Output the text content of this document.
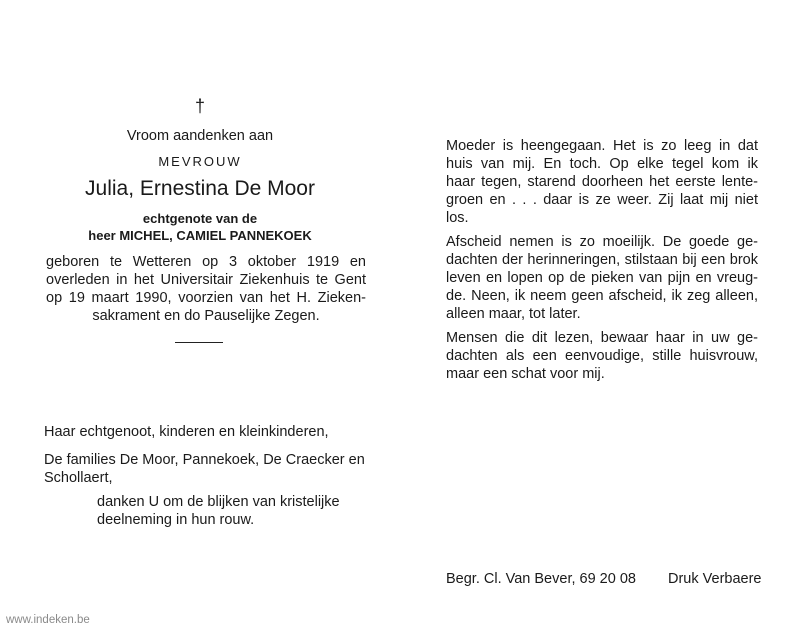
†
Vroom aandenken aan
MEVROUW
Julia, Ernestina De Moor
echtgenote van de
heer MICHEL, CAMIEL PANNEKOEK

geboren te Wetteren op 3 oktober 1919 en

overleden in het Universitair Ziekenhuis te Gent

op 19 maart 1990, voorzien van het H. Zieken-

sakrament en do Pauselijke Zegen.

Haar echtgenoot, kinderen en kleinkinderen,

De families De Moor, Pannekoek, De Craecker en

Schollaert,

danken U om de blijken van kristelijke

deelneming in hun rouw.

Moeder is heengegaan. Het is zo leeg in dat

huis van mij. En toch. Op elke tegel kom ik

haar tegen, starend doorheen het eerste lente-

groen en . . . daar is ze weer. Zij laat mij niet

los.

Afscheid nemen is zo moeilijk. De goede ge-

dachten der herinneringen, stilstaan bij een brok

leven en lopen op de pieken van pijn en vreug-

de. Neen, ik neem geen afscheid, ik zeg alleen,

alleen maar, tot later.

Mensen die dit lezen, bewaar haar in uw ge-

dachten als een eenvoudige, stille huisvrouw,

maar een schat voor mij.

Begr. Cl. Van Bever, 69 20 08 Druk Verbaere
www.indeken.be
